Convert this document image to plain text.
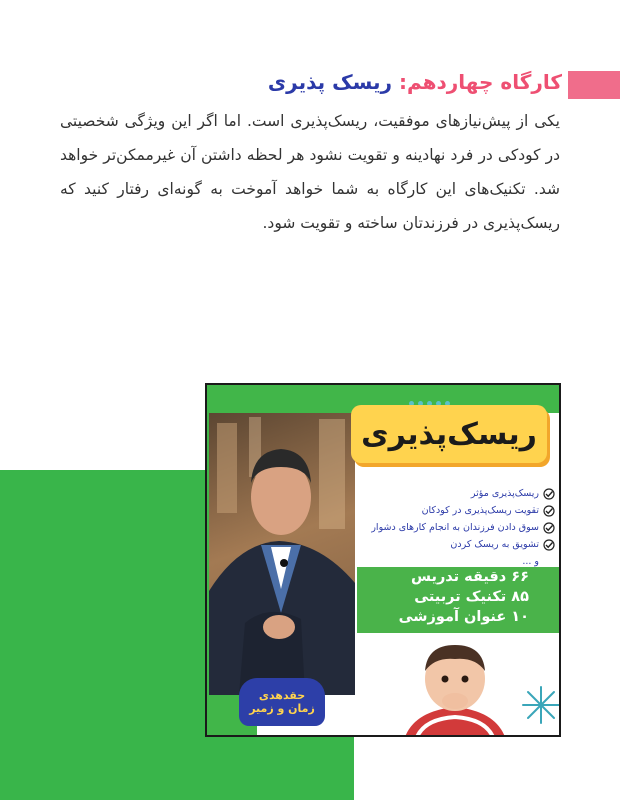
کارگاه چهاردهم: ریسک پذیری

یکی از پیش‌نیازهای موفقیت، ریسک‌پذیری است. اما اگر این ویژگی شخصیتی در کودکی در فرد نهادینه و تقویت نشود هر لحظه داشتن آن غیرممکن‌تر خواهد شد. تکنیک‌های این کارگاه به شما خواهد آموخت به گونه‌ای رفتار کنید که ریسک‌پذیری در فرزندتان ساخته و تقویت شود.

ریسک‌پذیری
ریسک‌پذیری مؤثر
تقویت ریسک‌پذیری در کودکان
سوق دادن فرزندان به انجام کارهای دشوار
تشویق به ریسک کردن
و ...
۶۶ دقیقه تدریس
۸۵ تکنیک تربیتی
۱۰ عنوان آموزشی
حقدهدی
زمان و زمیر
